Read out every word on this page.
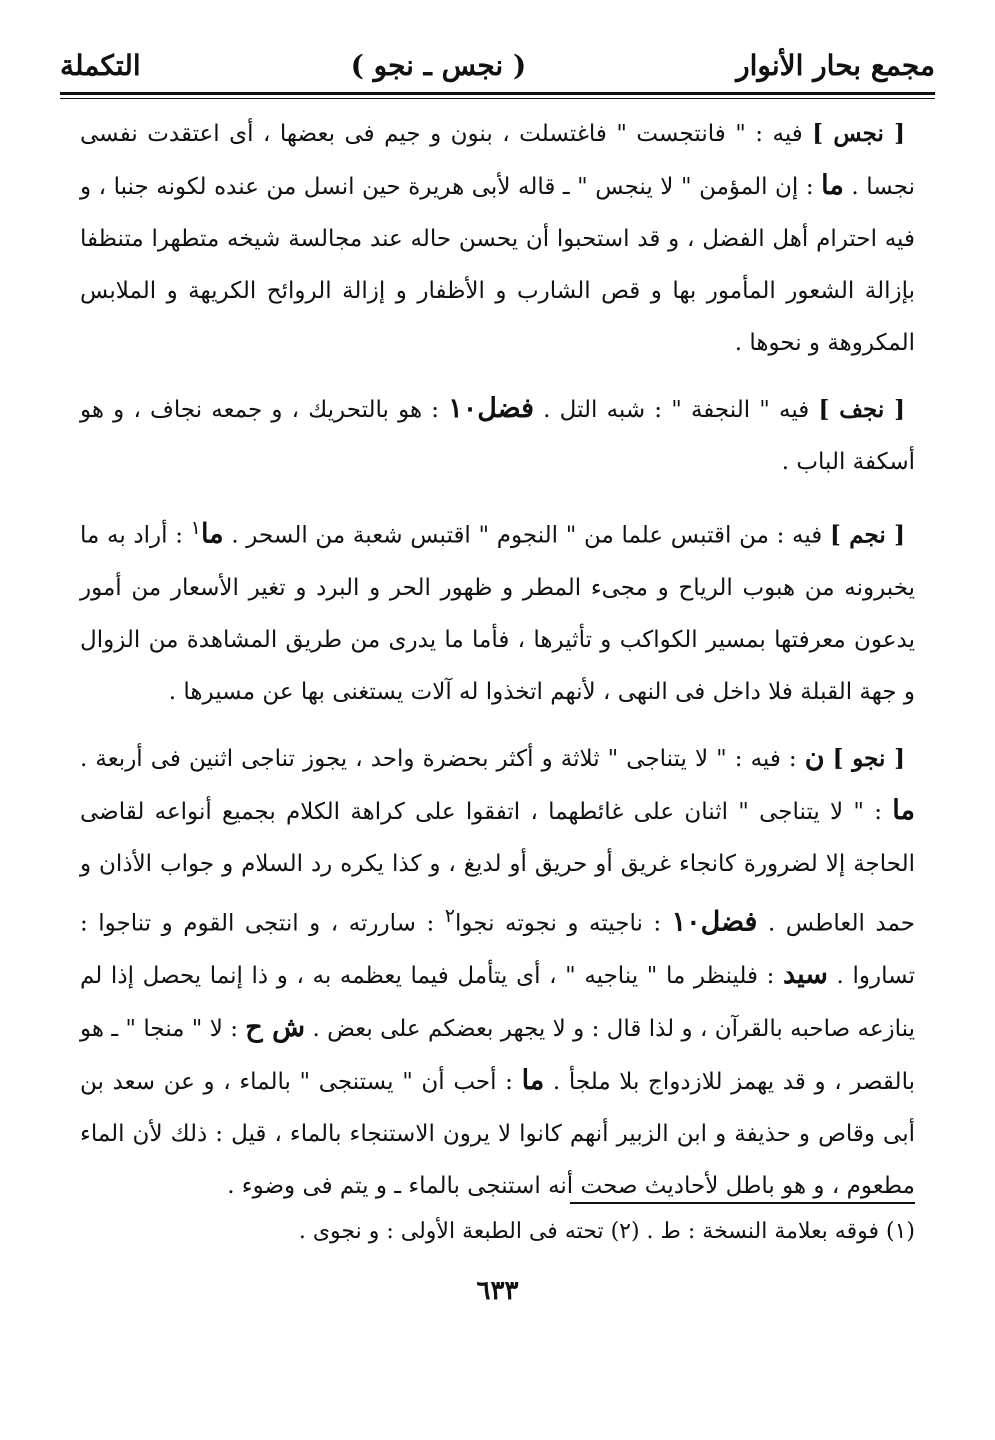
مجمع بحار الأنوار
( نجس ـ نجو )
التكملة

[ نجس ] فيه : " فانتجست " فاغتسلت ، بنون و جيم فى بعضها ، أى اعتقدت نفسى نجسا . ما : إن المؤمن " لا ينجس " ـ قاله لأبى هريرة حين انسل من عنده لكونه جنبا ، و فيه احترام أهل الفضل ، و قد استحبوا أن يحسن حاله عند مجالسة شيخه متطهرا متنظفا بإزالة الشعور المأمور بها و قص الشارب و الأظفار و إزالة الروائح الكريهة و الملابس المكروهة و نحوها .

[ نجف ] فيه " النجفة " : شبه التل . فضل١٠ : هو بالتحريك ، و جمعه نجاف ، و هو أسكفة الباب .

[ نجم ] فيه : من اقتبس علما من " النجوم " اقتبس شعبة من السحر . ما$^١$ : أراد به ما يخبرونه من هبوب الرياح و مجىء المطر و ظهور الحر و البرد و تغير الأسعار من أمور يدعون معرفتها بمسير الكواكب و تأثيرها ، فأما ما يدرى من طريق المشاهدة من الزوال و جهة القبلة فلا داخل فى النهى ، لأنهم اتخذوا له آلات يستغنى بها عن مسيرها .

[ نجو ] ن : فيه : " لا يتناجى " ثلاثة و أكثر بحضرة واحد ، يجوز تناجى اثنين فى أربعة . ما : " لا يتناجى " اثنان على غائطهما ، اتفقوا على كراهة الكلام بجميع أنواعه لقاضى الحاجة إلا لضرورة كانجاء غريق أو حريق أو لديغ ، و كذا يكره رد السلام و جواب الأذان و حمد العاطس . فضل١٠ : ناجيته و نجوته نجوا$^٢$ : ساررته ، و انتجى القوم و تناجوا : تساروا . سيد : فلينظر ما " يناجيه " ، أى يتأمل فيما يعظمه به ، و ذا إنما يحصل إذا لم ينازعه صاحبه بالقرآن ، و لذا قال : و لا يجهر بعضكم على بعض . ش ح : لا " منجا " ـ هو بالقصر ، و قد يهمز للازدواج بلا ملجأ . ما : أحب أن " يستنجى " بالماء ، و عن سعد بن أبى وقاص و حذيفة و ابن الزبير أنهم كانوا لا يرون الاستنجاء بالماء ، قيل : ذلك لأن الماء مطعوم ، و هو باطل لأحاديث صحت أنه استنجى بالماء ـ و يتم فى وضوء .

(١) فوقه بعلامة النسخة : ط . (٢) تحته فى الطبعة الأولى : و نجوى .
٦٣٣
